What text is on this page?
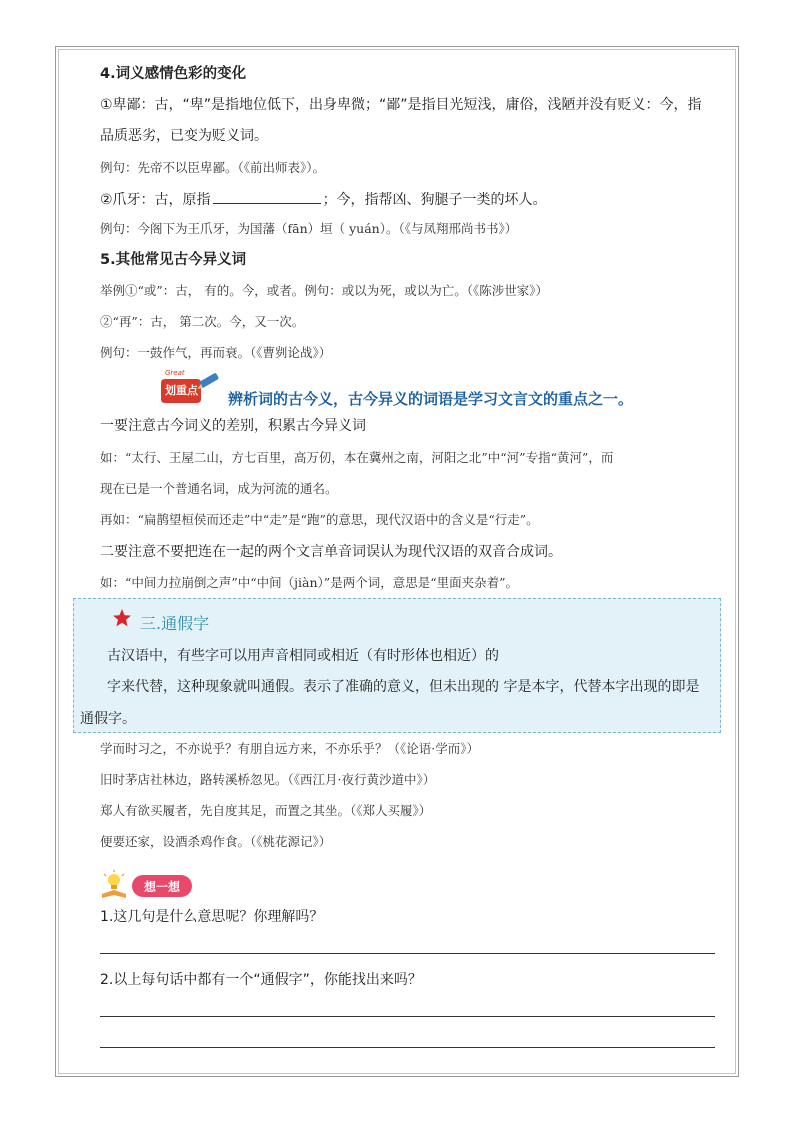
4.词义感情色彩的变化
①卑鄙：古，“卑”是指地位低下，出身卑微；“鄙”是指目光短浅，庸俗，浅陋并没有贬义：今，指
品质恶劣，已变为贬义词。
例句：先帝不以臣卑鄙。（《前出师表》）。
②爪牙：古，原指	；今，指帮凶、狗腿子一类的坏人。
例句：今阁下为王爪牙，为国藩（fān）垣（ yuán）。（《与凤翔邢尚书书》）
5.其他常见古今异义词
举例①“或”：古， 有的。今，或者。例句：或以为死，或以为亡。（《陈涉世家》）
②“再”：古， 第二次。今，又一次。
例句：一鼓作气，再而衰。（《曹刿论战》）
Great
划重点 辨析词的古今义，古今异义的词语是学习文言文的重点之一。
一要注意古今词义的差别，积累古今异义词
如：“太行、王屋二山，方七百里，高万仞，本在冀州之南，河阳之北”中“河”专指“黄河”，而
现在已是一个普通名词，成为河流的通名。
再如：“扁鹊望桓侯而还走”中“走”是“跑”的意思，现代汉语中的含义是“行走”。
二要注意不要把连在一起的两个文言单音词误认为现代汉语的双音合成词。
如：“中间力拉崩倒之声”中“中间（jiàn）”是两个词，意思是“里面夹杂着”。
三.通假字
古汉语中，有些字可以用声音相同或相近（有时形体也相近）的
字来代替，这种现象就叫通假。表示了准确的意义，但未出现的 字是本字，代替本字出现的即是
通假字。
学而时习之，不亦说乎？有朋自远方来，不亦乐乎？（《论语·学而》）
旧时茅店社林边，路转溪桥忽见。（《西江月·夜行黄沙道中》）
郑人有欲买履者，先自度其足，而置之其坐。（《郑人买履》）
便要还家，设酒杀鸡作食。（《桃花源记》）
想一想
1.这几句是什么意思呢？你理解吗？
2.以上每句话中都有一个“通假字”，你能找出来吗？
